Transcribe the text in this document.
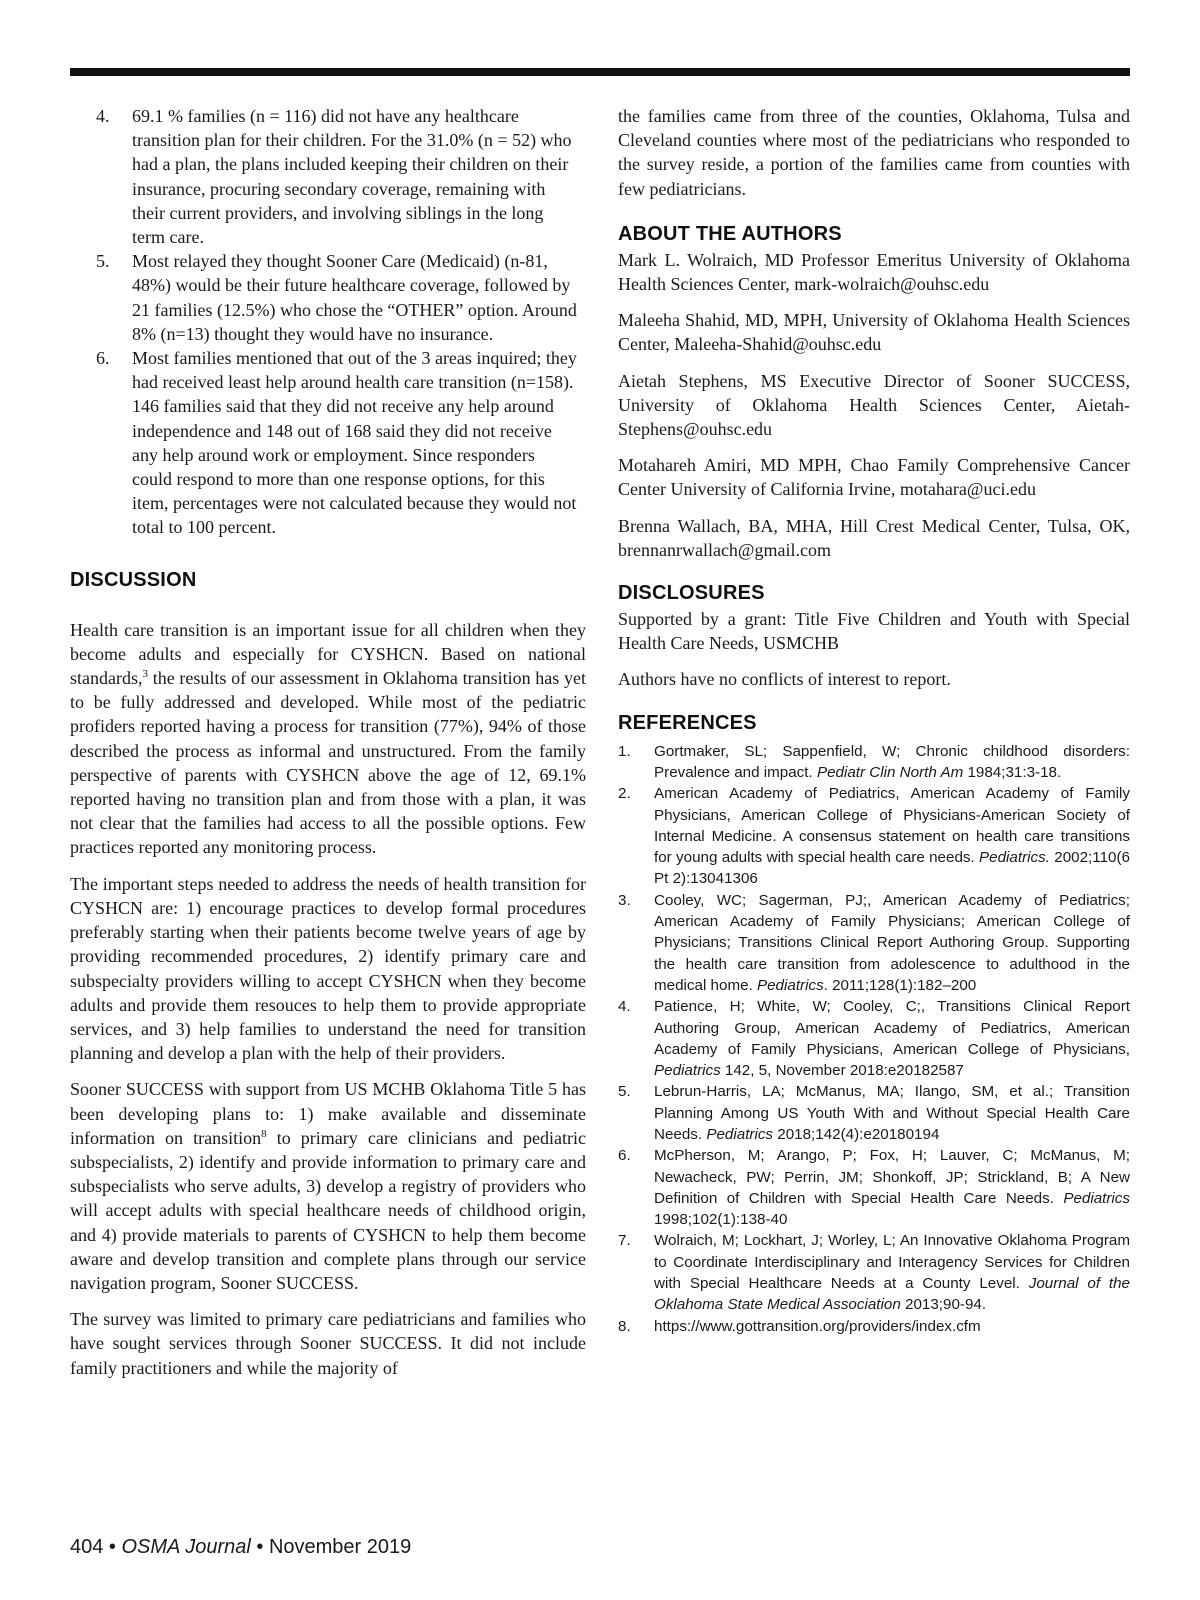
4. 69.1 % families (n = 116) did not have any healthcare transition plan for their children. For the 31.0% (n = 52) who had a plan, the plans included keeping their children on their insurance, procuring secondary coverage, remaining with their current providers, and involving siblings in the long term care.
5. Most relayed they thought Sooner Care (Medicaid) (n-81, 48%) would be their future healthcare coverage, followed by 21 families (12.5%) who chose the “OTHER” option. Around 8% (n=13) thought they would have no insurance.
6. Most families mentioned that out of the 3 areas inquired; they had received least help around health care transition (n=158). 146 families said that they did not receive any help around independence and 148 out of 168 said they did not receive any help around work or employment. Since responders could respond to more than one response options, for this item, percentages were not calculated because they would not total to 100 percent.
DISCUSSION

Health care transition is an important issue for all children when they become adults and especially for CYSHCN. Based on national standards,$^3$ the results of our assessment in Oklahoma transition has yet to be fully addressed and developed. While most of the pediatric profiders reported having a process for transition (77%), 94% of those described the process as informal and unstructured. From the family perspective of parents with CYSHCN above the age of 12, 69.1% reported having no transition plan and from those with a plan, it was not clear that the families had access to all the possible options. Few practices reported any monitoring process.

The important steps needed to address the needs of health transition for CYSHCN are: 1) encourage practices to develop formal procedures preferably starting when their patients become twelve years of age by providing recommended procedures, 2) identify primary care and subspecialty providers willing to accept CYSHCN when they become adults and provide them resouces to help them to provide appropriate services, and 3) help families to understand the need for transition planning and develop a plan with the help of their providers.

Sooner SUCCESS with support from US MCHB Oklahoma Title 5 has been developing plans to: 1) make available and disseminate information on transition$^8$ to primary care clinicians and pediatric subspecialists, 2) identify and provide information to primary care and subspecialists who serve adults, 3) develop a registry of providers who will accept adults with special healthcare needs of childhood origin, and 4) provide materials to parents of CYSHCN to help them become aware and develop transition and complete plans through our service navigation program, Sooner SUCCESS.

The survey was limited to primary care pediatricians and families who have sought services through Sooner SUCCESS. It did not include family practitioners and while the majority of

the families came from three of the counties, Oklahoma, Tulsa and Cleveland counties where most of the pediatricians who responded to the survey reside, a portion of the families came from counties with few pediatricians.

ABOUT THE AUTHORS

Mark L. Wolraich, MD Professor Emeritus University of Oklahoma Health Sciences Center, mark-wolraich@ouhsc.edu

Maleeha Shahid, MD, MPH, University of Oklahoma Health Sciences Center, Maleeha-Shahid@ouhsc.edu

Aietah Stephens, MS Executive Director of Sooner SUCCESS, University of Oklahoma Health Sciences Center, Aietah-Stephens@ouhsc.edu

Motahareh Amiri, MD MPH, Chao Family Comprehensive Cancer Center University of California Irvine, motahara@uci.edu

Brenna Wallach, BA, MHA, Hill Crest Medical Center, Tulsa, OK, brennanrwallach@gmail.com

DISCLOSURES

Supported by a grant: Title Five Children and Youth with Special Health Care Needs, USMCHB

Authors have no conflicts of interest to report.

REFERENCES
1. Gortmaker, SL; Sappenfield, W; Chronic childhood disorders: Prevalence and impact. Pediatr Clin North Am 1984;31:3-18.
2. American Academy of Pediatrics, American Academy of Family Physicians, American College of Physicians-American Society of Internal Medicine. A consensus statement on health care transitions for young adults with special health care needs. Pediatrics. 2002;110(6 Pt 2):13041306
3. Cooley, WC; Sagerman, PJ;, American Academy of Pediatrics; American Academy of Family Physicians; American College of Physicians; Transitions Clinical Report Authoring Group. Supporting the health care transition from adolescence to adulthood in the medical home. Pediatrics. 2011;128(1):182–200
4. Patience, H; White, W; Cooley, C;, Transitions Clinical Report Authoring Group, American Academy of Pediatrics, American Academy of Family Physicians, American College of Physicians, Pediatrics 142, 5, November 2018:e20182587
5. Lebrun-Harris, LA; McManus, MA; Ilango, SM, et al.; Transition Planning Among US Youth With and Without Special Health Care Needs. Pediatrics 2018;142(4):e20180194
6. McPherson, M; Arango, P; Fox, H; Lauver, C; McManus, M; Newacheck, PW; Perrin, JM; Shonkoff, JP; Strickland, B; A New Definition of Children with Special Health Care Needs. Pediatrics 1998;102(1):138-40
7. Wolraich, M; Lockhart, J; Worley, L; An Innovative Oklahoma Program to Coordinate Interdisciplinary and Interagency Services for Children with Special Healthcare Needs at a County Level. Journal of the Oklahoma State Medical Association 2013;90-94.
8. https://www.gottransition.org/providers/index.cfm
404 • OSMA Journal • November 2019
